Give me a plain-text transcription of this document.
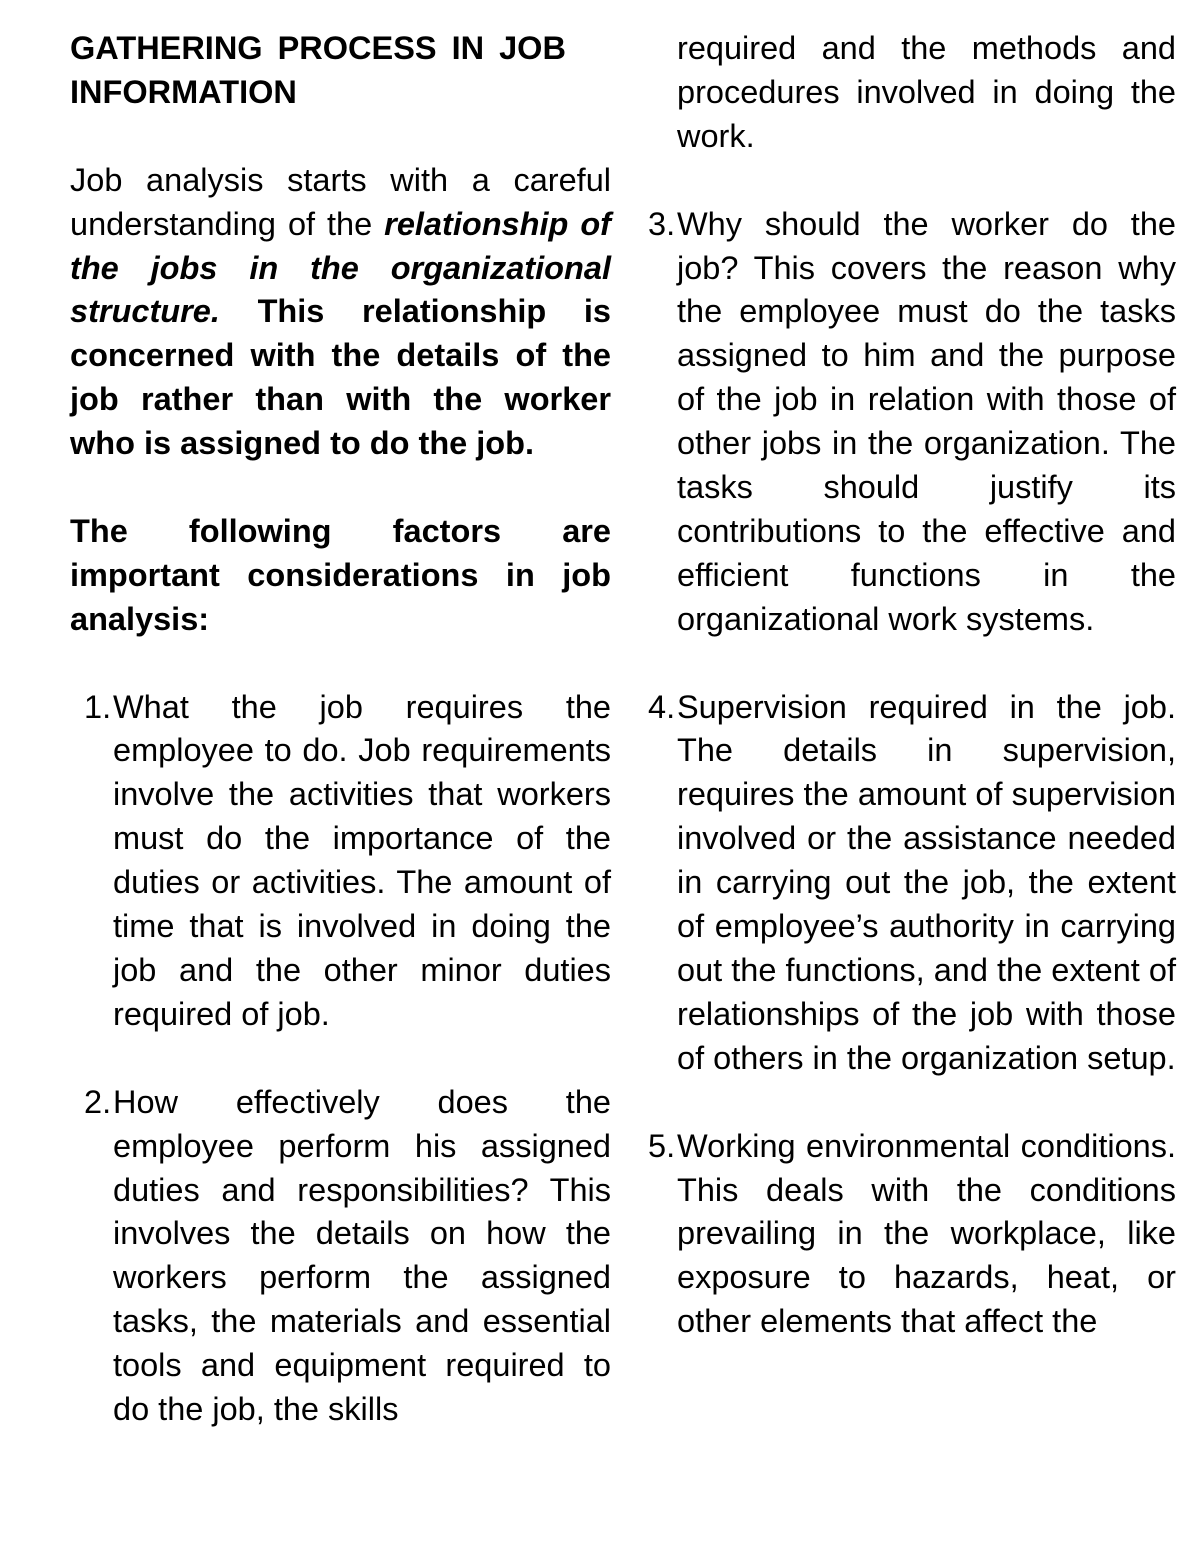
GATHERING PROCESS IN JOB INFORMATION

Job analysis starts with a careful understanding of the relationship of the jobs in the organizational structure. This relationship is concerned with the details of the job rather than with the worker who is assigned to do the job.

The following factors are important considerations in job analysis:

1. What the job requires the employee to do. Job requirements involve the activities that workers must do the importance of the duties or activities. The amount of time that is involved in doing the job and the other minor duties required of job.

2. How effectively does the employee perform his assigned duties and responsibilities? This involves the details on how the workers perform the assigned tasks, the materials and essential tools and equipment required to do the job, the skills

required and the methods and procedures involved in doing the work.

3. Why should the worker do the job? This covers the reason why the employee must do the tasks assigned to him and the purpose of the job in relation with those of other jobs in the organization. The tasks should justify its contributions to the effective and efficient functions in the organizational work systems.

4. Supervision required in the job. The details in supervision, requires the amount of supervision involved or the assistance needed in carrying out the job, the extent of employee’s authority in carrying out the functions, and the extent of relationships of the job with those of others in the organization setup.

5. Working environmental conditions. This deals with the conditions prevailing in the workplace, like exposure to hazards, heat, or other elements that affect the
